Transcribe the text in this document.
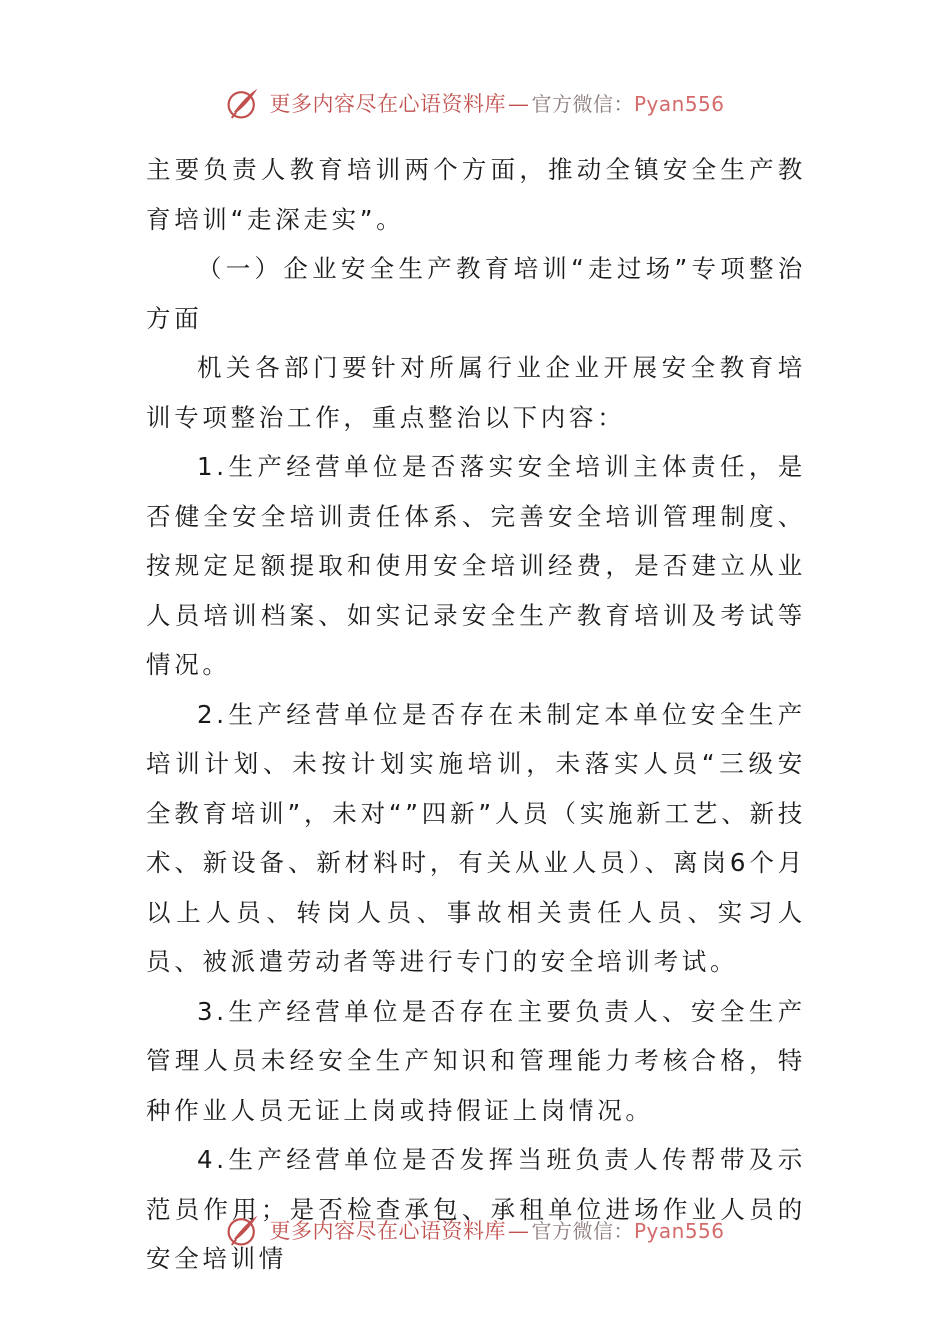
更多内容尽在心语资料库— 官方微信：Pyan556

主要负责人教育培训两个方面，推动全镇安全生产教育培训“走深走实”。

（一）企业安全生产教育培训“走过场”专项整治方面

机关各部门要针对所属行业企业开展安全教育培训专项整治工作，重点整治以下内容：

1.生产经营单位是否落实安全培训主体责任，是否健全安全培训责任体系、完善安全培训管理制度、按规定足额提取和使用安全培训经费，是否建立从业人员培训档案、如实记录安全生产教育培训及考试等情况。

2.生产经营单位是否存在未制定本单位安全生产培训计划、未按计划实施培训，未落实人员“三级安全教育培训”，未对“”四新”人员（实施新工艺、新技术、新设备、新材料时，有关从业人员）、离岗6个月以上人员、转岗人员、事故相关责任人员、实习人员、被派遣劳动者等进行专门的安全培训考试。

3.生产经营单位是否存在主要负责人、安全生产管理人员未经安全生产知识和管理能力考核合格，特种作业人员无证上岗或持假证上岗情况。

4.生产经营单位是否发挥当班负责人传帮带及示范员作用；是否检查承包、承租单位进场作业人员的安全培训情

更多内容尽在心语资料库— 官方微信：Pyan556
